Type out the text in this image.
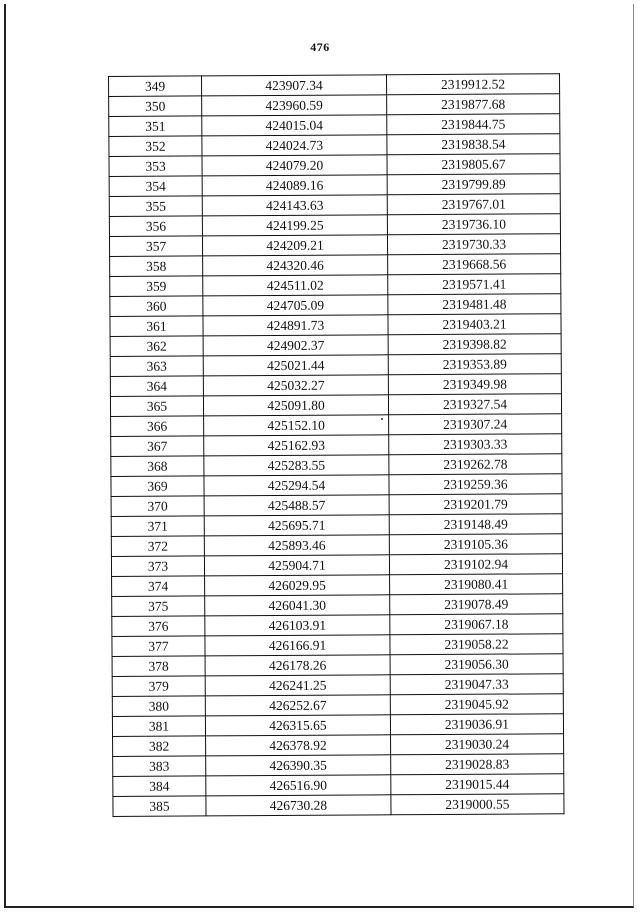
476
349	423907.34	2319912.52
350	423960.59	2319877.68
351	424015.04	2319844.75
352	424024.73	2319838.54
353	424079.20	2319805.67
354	424089.16	2319799.89
355	424143.63	2319767.01
356	424199.25	2319736.10
357	424209.21	2319730.33
358	424320.46	2319668.56
359	424511.02	2319571.41
360	424705.09	2319481.48
361	424891.73	2319403.21
362	424902.37	2319398.82
363	425021.44	2319353.89
364	425032.27	2319349.98
365	425091.80	2319327.54
366	425152.10	2319307.24
367	425162.93	2319303.33
368	425283.55	2319262.78
369	425294.54	2319259.36
370	425488.57	2319201.79
371	425695.71	2319148.49
372	425893.46	2319105.36
373	425904.71	2319102.94
374	426029.95	2319080.41
375	426041.30	2319078.49
376	426103.91	2319067.18
377	426166.91	2319058.22
378	426178.26	2319056.30
379	426241.25	2319047.33
380	426252.67	2319045.92
381	426315.65	2319036.91
382	426378.92	2319030.24
383	426390.35	2319028.83
384	426516.90	2319015.44
385	426730.28	2319000.55
